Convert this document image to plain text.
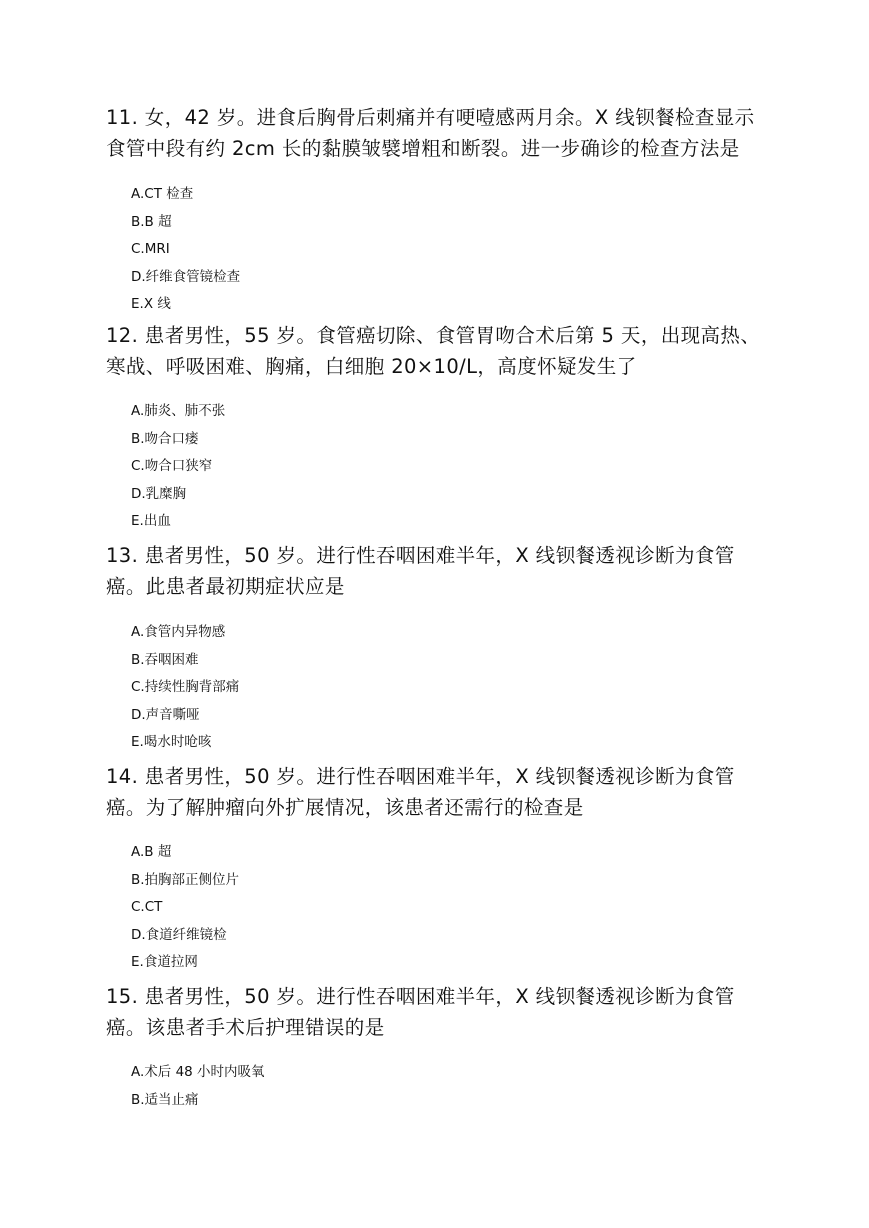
11. 女，42 岁。进食后胸骨后刺痛并有哽噎感两月余。X 线钡餐检查显示食管中段有约 2cm 长的黏膜皱襞增粗和断裂。进一步确诊的检查方法是
A.CT 检查
B.B 超
C.MRI
D.纤维食管镜检查
E.X 线
12. 患者男性，55 岁。食管癌切除、食管胃吻合术后第 5 天，出现高热、寒战、呼吸困难、胸痛，白细胞 20×10/L，高度怀疑发生了
A.肺炎、肺不张
B.吻合口瘘
C.吻合口狭窄
D.乳糜胸
E.出血
13. 患者男性，50 岁。进行性吞咽困难半年，X 线钡餐透视诊断为食管癌。此患者最初期症状应是
A.食管内异物感
B.吞咽困难
C.持续性胸背部痛
D.声音嘶哑
E.喝水时呛咳
14. 患者男性，50 岁。进行性吞咽困难半年，X 线钡餐透视诊断为食管癌。为了解肿瘤向外扩展情况，该患者还需行的检查是
A.B 超
B.拍胸部正侧位片
C.CT
D.食道纤维镜检
E.食道拉网
15. 患者男性，50 岁。进行性吞咽困难半年，X 线钡餐透视诊断为食管癌。该患者手术后护理错误的是
A.术后 48 小时内吸氧
B.适当止痛
